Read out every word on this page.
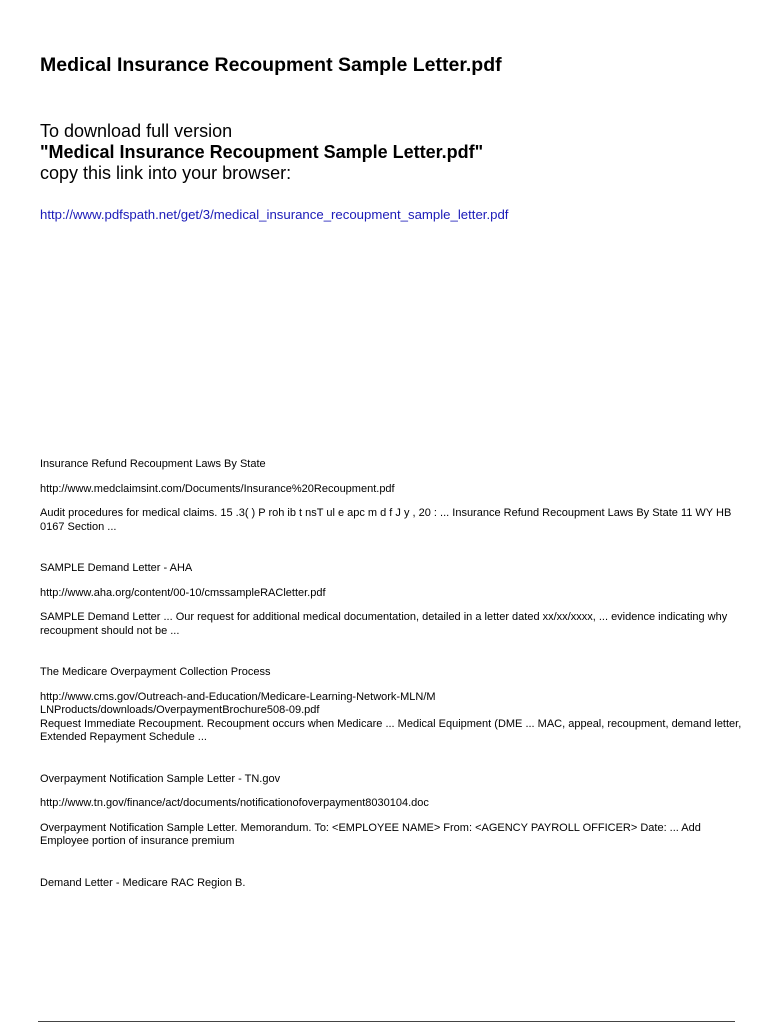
Medical Insurance Recoupment Sample Letter.pdf
To download full version
"Medical Insurance Recoupment Sample Letter.pdf"
copy this link into your browser:
http://www.pdfspath.net/get/3/medical_insurance_recoupment_sample_letter.pdf
Insurance Refund Recoupment Laws By State
http://www.medclaimsint.com/Documents/Insurance%20Recoupment.pdf
Audit procedures for medical claims. 15 .3( ) P roh ib t nsT ul e apc m d f J y , 20 : ... Insurance Refund Recoupment Laws By State 11 WY HB 0167 Section ...
SAMPLE Demand Letter - AHA
http://www.aha.org/content/00-10/cmssampleRACletter.pdf
SAMPLE Demand Letter ... Our request for additional medical documentation, detailed in a letter dated xx/xx/xxxx, ... evidence indicating why recoupment should not be ...
The Medicare Overpayment Collection Process
http://www.cms.gov/Outreach-and-Education/Medicare-Learning-Network-MLN/MLNProducts/downloads/OverpaymentBrochure508-09.pdf
Request Immediate Recoupment. Recoupment occurs when Medicare ... Medical Equipment (DME ... MAC, appeal, recoupment, demand letter, Extended Repayment Schedule ...
Overpayment Notification Sample Letter - TN.gov
http://www.tn.gov/finance/act/documents/notificationofoverpayment8030104.doc
Overpayment Notification Sample Letter. Memorandum. To: <EMPLOYEE NAME> From: <AGENCY PAYROLL OFFICER> Date: ... Add Employee portion of insurance premium
Demand Letter - Medicare RAC Region B.
